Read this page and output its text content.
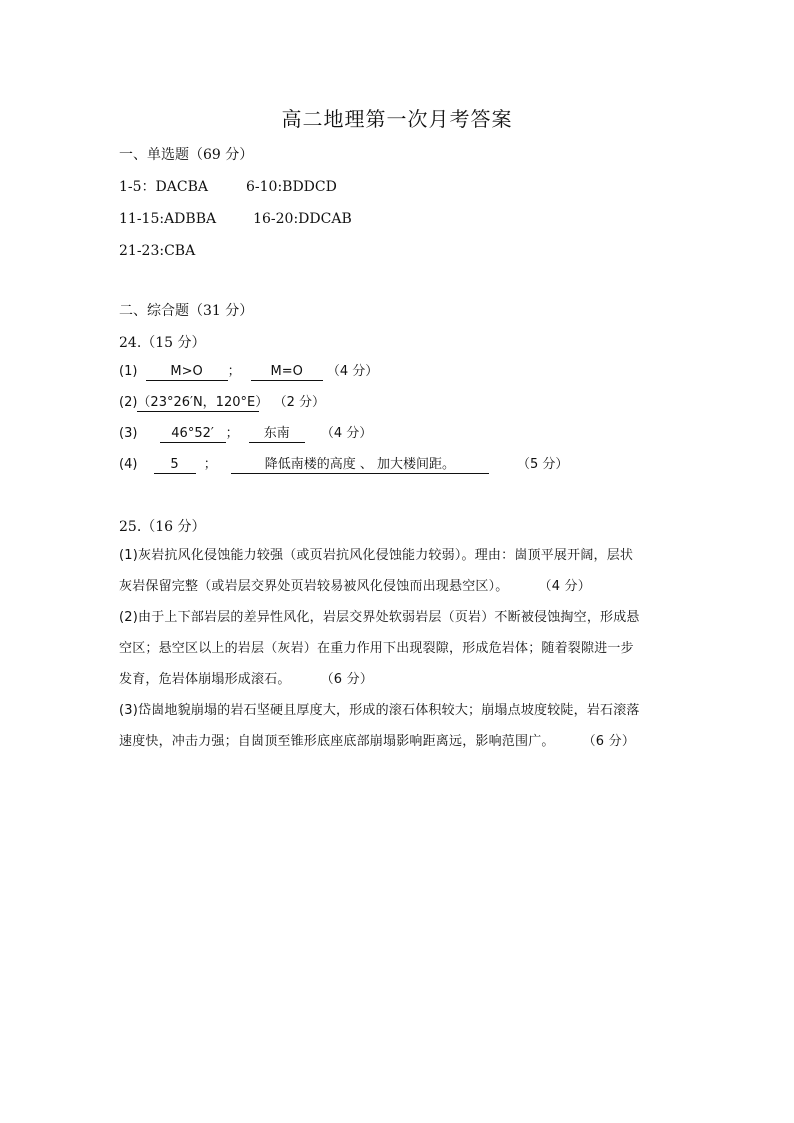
高二地理第一次月考答案
一、单选题（69 分）
1-5：DACBA	6-10:BDDCD
11-15:ADBBA	16-20:DDCAB
21-23:CBA
二、综合题（31 分）
24.（15 分）
(1)	M>O ； M=O （4 分）
(2)（23°26′N，120°E） （2 分）
(3)	46°52′ ； 东南 （4 分）
(4)	5 ；	降低南楼的高度 、 加大楼间距。	（5 分）
25.（16 分）
(1)灰岩抗风化侵蚀能力较强（或页岩抗风化侵蚀能力较弱）。理由：崮顶平展开阔，层状
灰岩保留完整（或岩层交界处页岩较易被风化侵蚀而出现悬空区）。 （4 分）
(2)由于上下部岩层的差异性风化，岩层交界处软弱岩层（页岩）不断被侵蚀掏空，形成悬
空区；悬空区以上的岩层（灰岩）在重力作用下出现裂隙，形成危岩体；随着裂隙进一步
发育，危岩体崩塌形成滚石。 （6 分）
(3)岱崮地貌崩塌的岩石坚硬且厚度大，形成的滚石体积较大；崩塌点坡度较陡，岩石滚落
速度快，冲击力强；自崮顶至锥形底座底部崩塌影响距离远，影响范围广。 （6 分）
